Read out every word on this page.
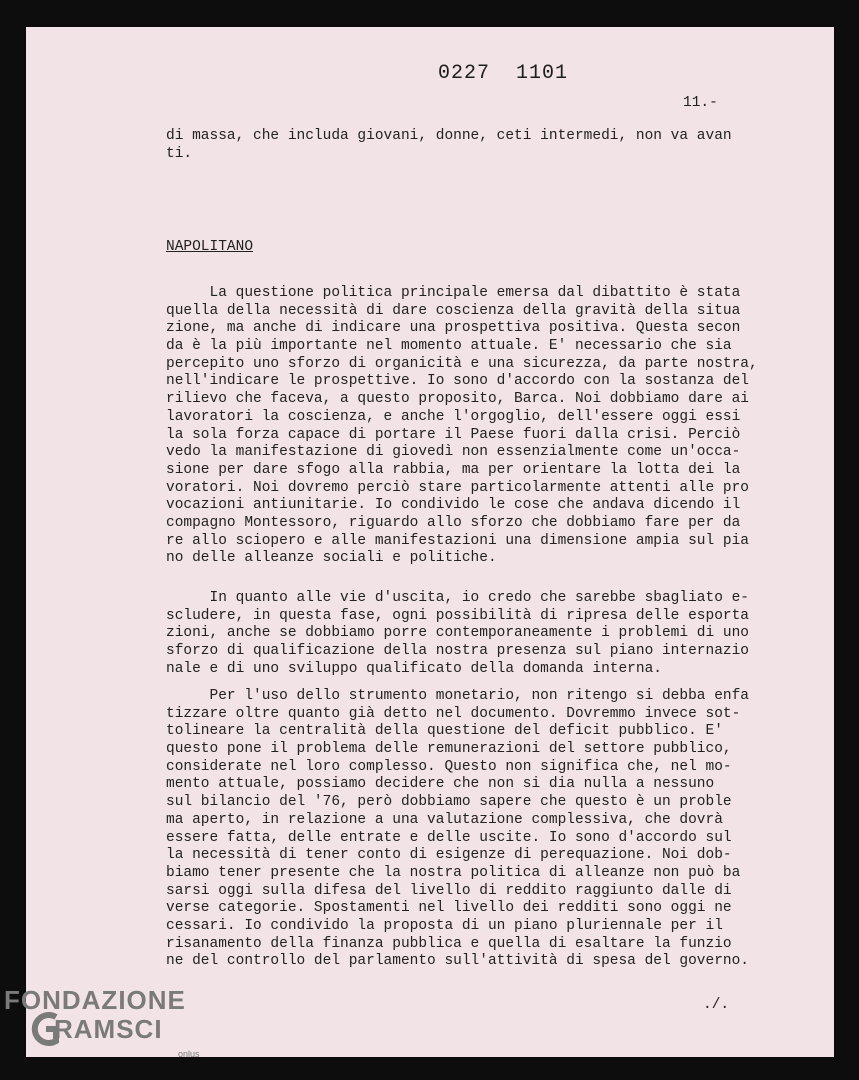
0227 1101
11.-
di massa, che includa giovani, donne, ceti intermedi, non va avan
ti.
NAPOLITANO
La questione politica principale emersa dal dibattito è stata
quella della necessità di dare coscienza della gravità della situa
zione, ma anche di indicare una prospettiva positiva. Questa secon
da è la più importante nel momento attuale. E' necessario che sia
percepito uno sforzo di organicità e una sicurezza, da parte nostra,
nell'indicare le prospettive. Io sono d'accordo con la sostanza del
rilievo che faceva, a questo proposito, Barca. Noi dobbiamo dare ai
lavoratori la coscienza, e anche l'orgoglio, dell'essere oggi essi
la sola forza capace di portare il Paese fuori dalla crisi. Perciò
vedo la manifestazione di giovedì non essenzialmente come un'occa-
sione per dare sfogo alla rabbia, ma per orientare la lotta dei la
voratori. Noi dovremo perciò stare particolarmente attenti alle pro
vocazioni antiunitarie. Io condivido le cose che andava dicendo il
compagno Montessoro, riguardo allo sforzo che dobbiamo fare per da
re allo sciopero e alle manifestazioni una dimensione ampia sul pia
no delle alleanze sociali e politiche.
In quanto alle vie d'uscita, io credo che sarebbe sbagliato e-
scludere, in questa fase, ogni possibilità di ripresa delle esporta
zioni, anche se dobbiamo porre contemporaneamente i problemi di uno
sforzo di qualificazione della nostra presenza sul piano internazio
nale e di uno sviluppo qualificato della domanda interna.
Per l'uso dello strumento monetario, non ritengo si debba enfa
tizzare oltre quanto già detto nel documento. Dovremmo invece sot-
tolineare la centralità della questione del deficit pubblico. E'
questo pone il problema delle remunerazioni del settore pubblico,
considerate nel loro complesso. Questo non significa che, nel mo-
mento attuale, possiamo decidere che non si dia nulla a nessuno
sul bilancio del '76, però dobbiamo sapere che questo è un proble
ma aperto, in relazione a una valutazione complessiva, che dovrà
essere fatta, delle entrate e delle uscite. Io sono d'accordo sul
la necessità di tener conto di esigenze di perequazione. Noi dob-
biamo tener presente che la nostra politica di alleanze non può ba
sarsi oggi sulla difesa del livello di reddito raggiunto dalle di
verse categorie. Spostamenti nel livello dei redditi sono oggi ne
cessari. Io condivido la proposta di un piano pluriennale per il
risanamento della finanza pubblica e quella di esaltare la funzio
ne del controllo del parlamento sull'attività di spesa del governo.
./.
FONDAZIONE
RAMSCI
onlus
